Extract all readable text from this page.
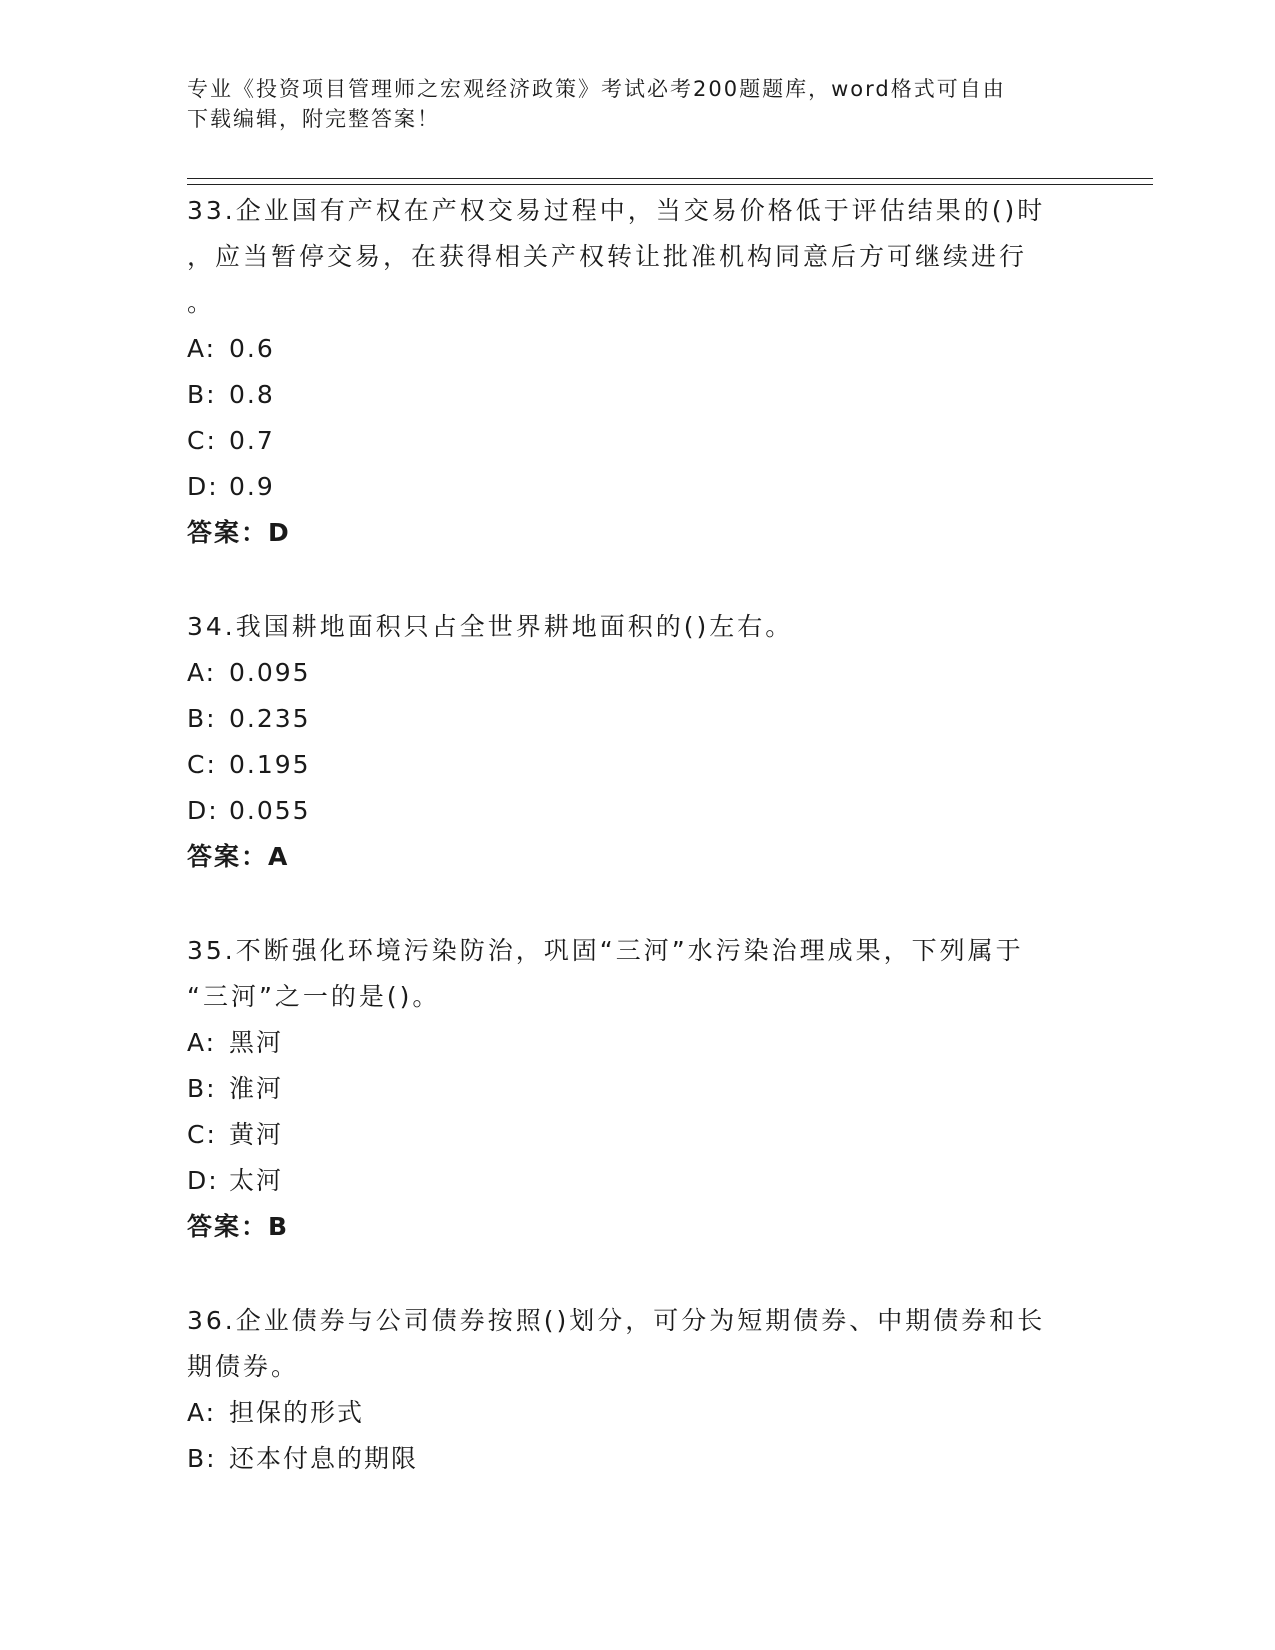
专业《投资项目管理师之宏观经济政策》考试必考200题题库，word格式可自由
下载编辑，附完整答案！
33.企业国有产权在产权交易过程中，当交易价格低于评估结果的()时
，应当暂停交易，在获得相关产权转让批准机构同意后方可继续进行
。
A: 0.6
B: 0.8
C: 0.7
D: 0.9
答案：D
34.我国耕地面积只占全世界耕地面积的()左右。
A: 0.095
B: 0.235
C: 0.195
D: 0.055
答案：A
35.不断强化环境污染防治，巩固“三河”水污染治理成果，下列属于
“三河”之一的是()。
A: 黑河
B: 淮河
C: 黄河
D: 太河
答案：B
36.企业债券与公司债券按照()划分，可分为短期债券、中期债券和长
期债券。
A: 担保的形式
B: 还本付息的期限
